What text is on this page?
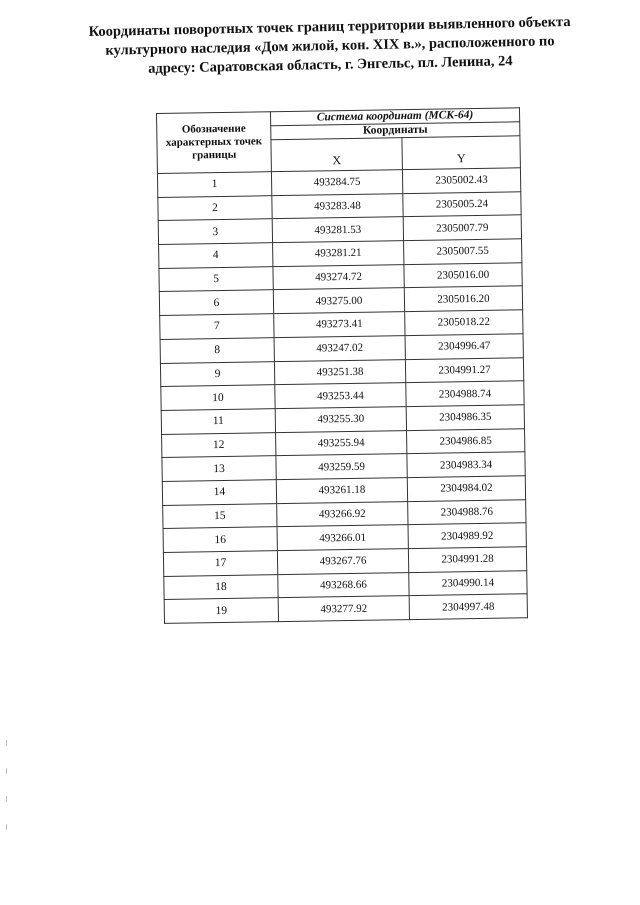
Координаты поворотных точек границ территории выявленного объекта
культурного наследия «Дом жилой, кон. XIX в.», расположенного по
адресу: Саратовская область, г. Энгельс, пл. Ленина, 24
Обозначение характерных точек границы	Система координат (МСК-64)	
	Координаты	
	X	Y
1	493284.75	2305002.43
2	493283.48	2305005.24
3	493281.53	2305007.79
4	493281.21	2305007.55
5	493274.72	2305016.00
6	493275.00	2305016.20
7	493273.41	2305018.22
8	493247.02	2304996.47
9	493251.38	2304991.27
10	493253.44	2304988.74
11	493255.30	2304986.35
12	493255.94	2304986.85
13	493259.59	2304983.34
14	493261.18	2304984.02
15	493266.92	2304988.76
16	493266.01	2304989.92
17	493267.76	2304991.28
18	493268.66	2304990.14
19	493277.92	2304997.48
